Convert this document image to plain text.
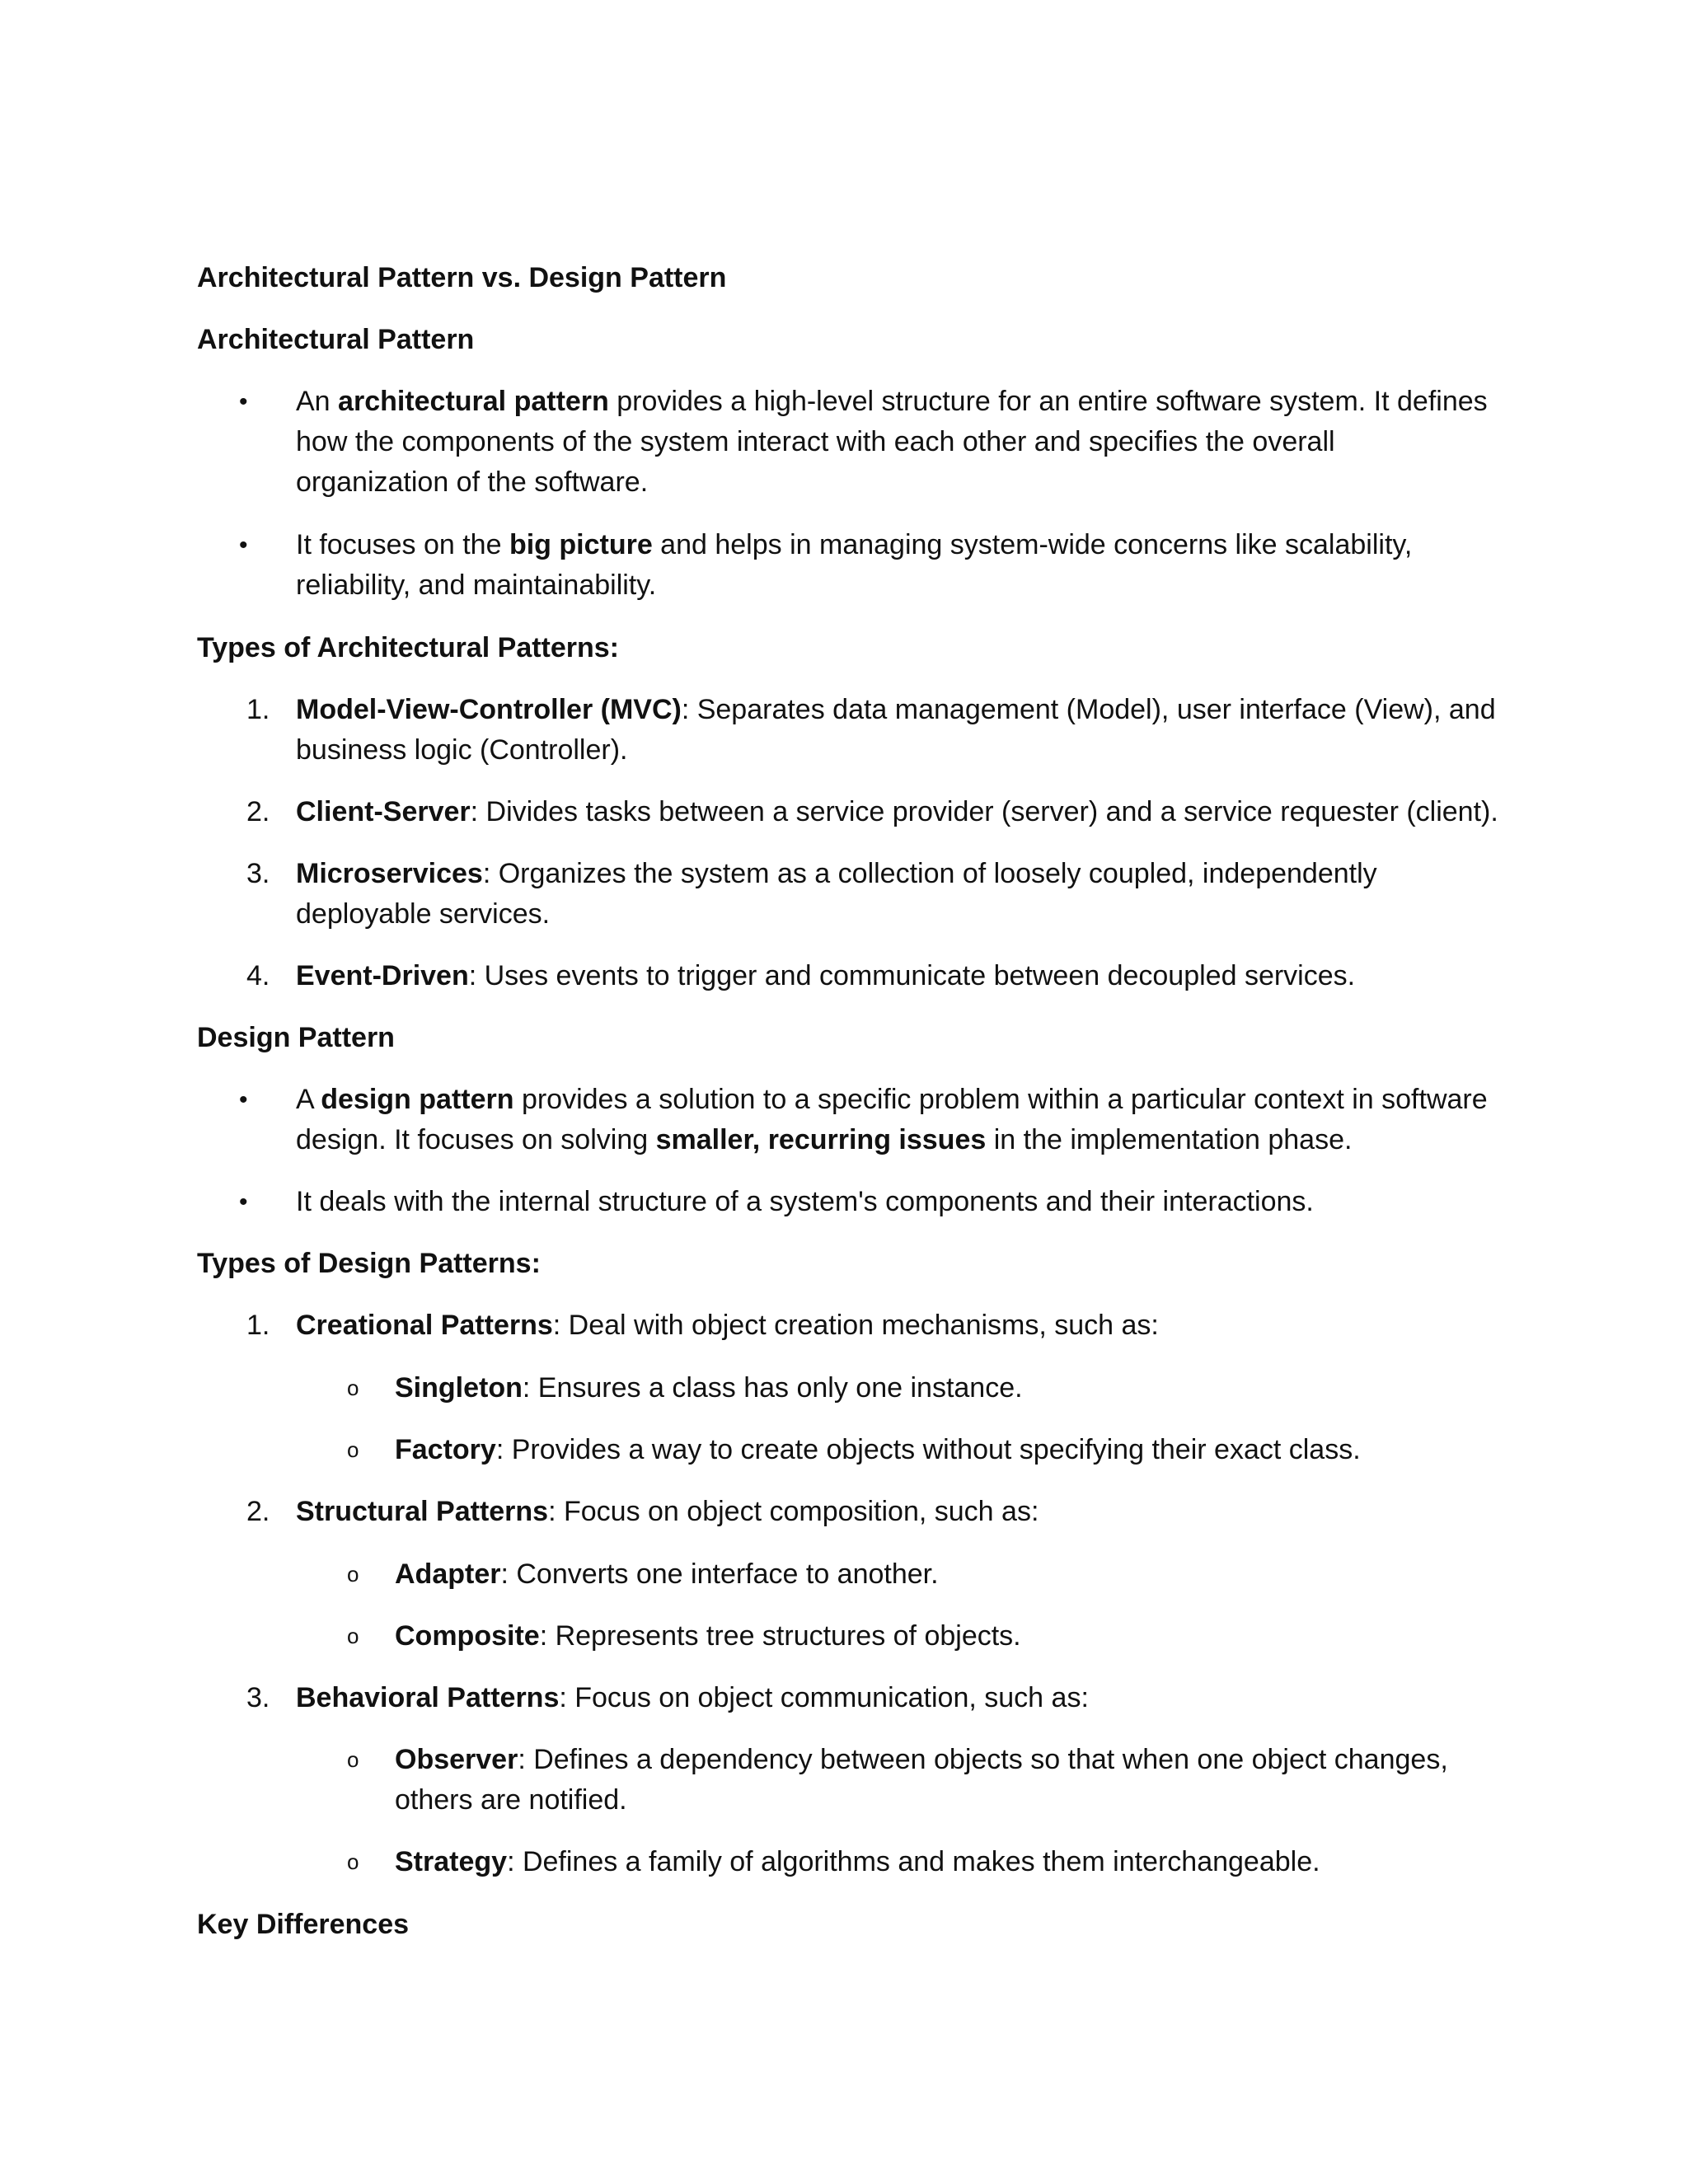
Architectural Pattern vs. Design Pattern
Architectural Pattern
• An architectural pattern provides a high-level structure for an entire software system. It defines
how the components of the system interact with each other and specifies the overall
organization of the software.
• It focuses on the big picture and helps in managing system-wide concerns like scalability,
reliability, and maintainability.
Types of Architectural Patterns:
1. Model-View-Controller (MVC): Separates data management (Model), user interface (View), and
business logic (Controller).
2. Client-Server: Divides tasks between a service provider (server) and a service requester (client).
3. Microservices: Organizes the system as a collection of loosely coupled, independently
deployable services.
4. Event-Driven: Uses events to trigger and communicate between decoupled services.
Design Pattern
• A design pattern provides a solution to a specific problem within a particular context in software
design. It focuses on solving smaller, recurring issues in the implementation phase.
• It deals with the internal structure of a system's components and their interactions.
Types of Design Patterns:
1. Creational Patterns: Deal with object creation mechanisms, such as:
o Singleton: Ensures a class has only one instance.
o Factory: Provides a way to create objects without specifying their exact class.
2. Structural Patterns: Focus on object composition, such as:
o Adapter: Converts one interface to another.
o Composite: Represents tree structures of objects.
3. Behavioral Patterns: Focus on object communication, such as:
o Observer: Defines a dependency between objects so that when one object changes,
others are notified.
o Strategy: Defines a family of algorithms and makes them interchangeable.
Key Differences
